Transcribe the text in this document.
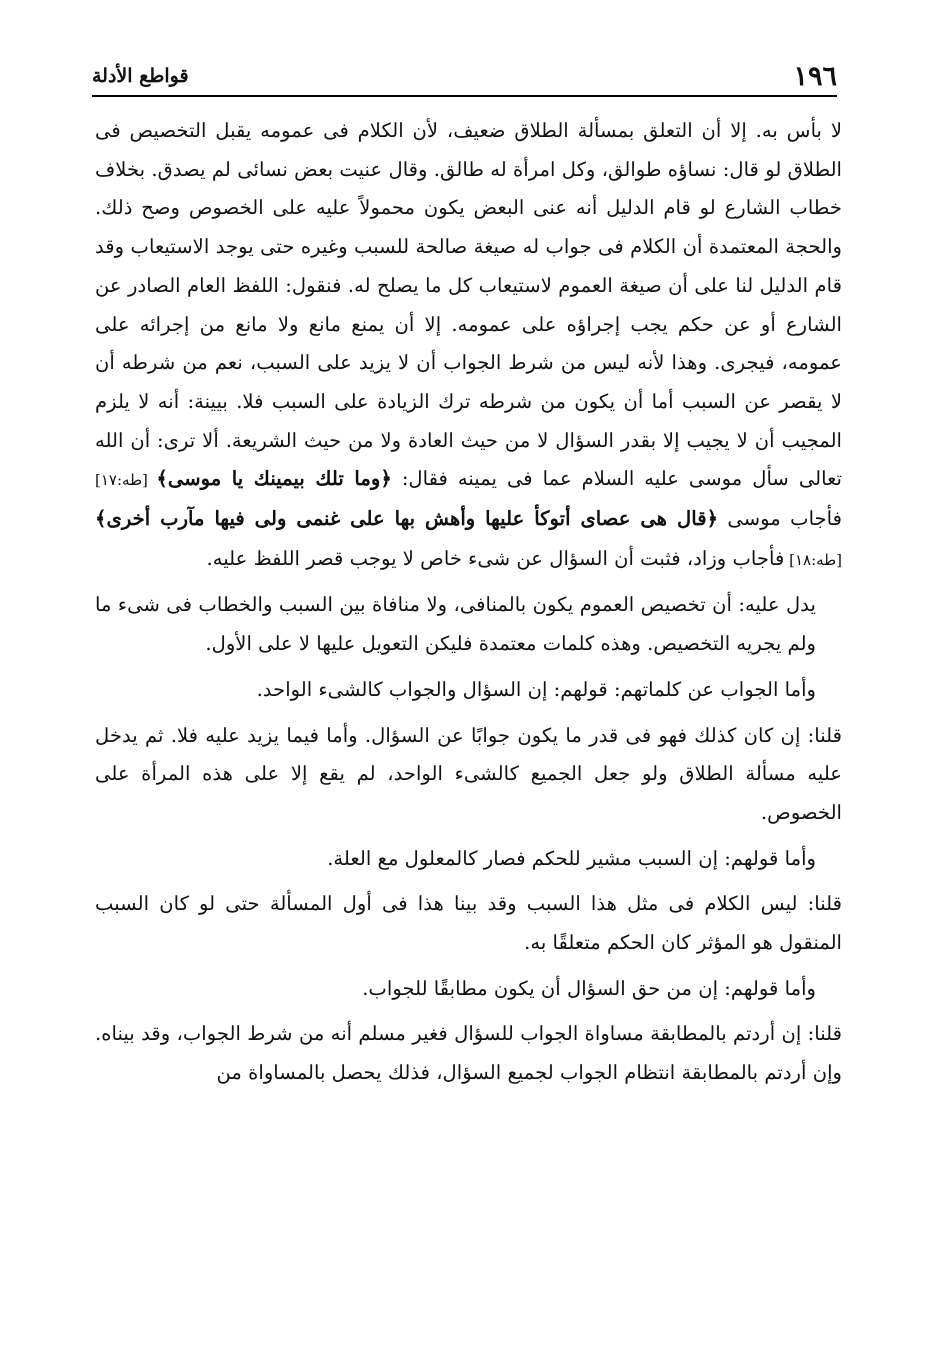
١٩٦
قواطع الأدلة

لا بأس به. إلا أن التعلق بمسألة الطلاق ضعيف، لأن الكلام فى عمومه يقبل التخصيص فى الطلاق لو قال: نساؤه طوالق، وكل امرأة له طالق. وقال عنيت بعض نسائى لم يصدق. بخلاف خطاب الشارع لو قام الدليل أنه عنى البعض يكون محمولاً عليه على الخصوص وصح ذلك. والحجة المعتمدة أن الكلام فى جواب له صيغة صالحة للسبب وغيره حتى يوجد الاستيعاب وقد قام الدليل لنا على أن صيغة العموم لاستيعاب كل ما يصلح له. فنقول: اللفظ العام الصادر عن الشارع أو عن حكم يجب إجراؤه على عمومه. إلا أن يمنع مانع ولا مانع من إجرائه على عمومه، فيجرى. وهذا لأنه ليس من شرط الجواب أن لا يزيد على السبب، نعم من شرطه أن لا يقصر عن السبب أما أن يكون من شرطه ترك الزيادة على السبب فلا. بيينة: أنه لا يلزم المجيب أن لا يجيب إلا بقدر السؤال لا من حيث العادة ولا من حيث الشريعة. ألا ترى: أن الله تعالى سأل موسى عليه السلام عما فى يمينه فقال: ﴿وما تلك بيمينك يا موسى﴾ [طه:١٧] فأجاب موسى ﴿قال هى عصاى أتوكأ عليها وأهش بها على غنمى ولى فيها مآرب أخرى﴾ [طه:١٨] فأجاب وزاد، فثبت أن السؤال عن شىء خاص لا يوجب قصر اللفظ عليه.

يدل عليه: أن تخصيص العموم يكون بالمنافى، ولا منافاة بين السبب والخطاب فى شىء ما ولم يجريه التخصيص. وهذه كلمات معتمدة فليكن التعويل عليها لا على الأول.

وأما الجواب عن كلماتهم: قولهم: إن السؤال والجواب كالشىء الواحد.

قلنا: إن كان كذلك فهو فى قدر ما يكون جوابًا عن السؤال. وأما فيما يزيد عليه فلا. ثم يدخل عليه مسألة الطلاق ولو جعل الجميع كالشىء الواحد، لم يقع إلا على هذه المرأة على الخصوص.

وأما قولهم: إن السبب مشير للحكم فصار كالمعلول مع العلة.

قلنا: ليس الكلام فى مثل هذا السبب وقد بينا هذا فى أول المسألة حتى لو كان السبب المنقول هو المؤثر كان الحكم متعلقًا به.

وأما قولهم: إن من حق السؤال أن يكون مطابقًا للجواب.

قلنا: إن أردتم بالمطابقة مساواة الجواب للسؤال فغير مسلم أنه من شرط الجواب، وقد بيناه. وإن أردتم بالمطابقة انتظام الجواب لجميع السؤال، فذلك يحصل بالمساواة من
